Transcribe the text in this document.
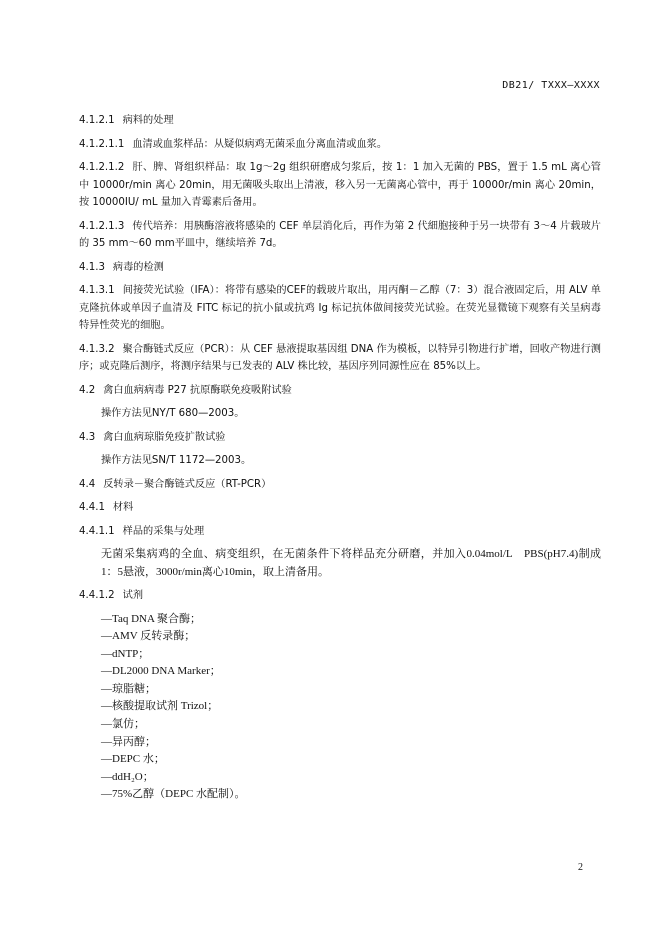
DB21/ TXXX—XXXX

4.1.2.1 病料的处理

4.1.2.1.1 血清或血浆样品：从疑似病鸡无菌采血分离血清或血浆。

4.1.2.1.2 肝、脾、肾组织样品：取 1g～2g 组织研磨成匀浆后，按 1：1 加入无菌的 PBS，置于 1.5 mL 离心管中 10000r/min 离心 20min，用无菌吸头取出上清液，移入另一无菌离心管中，再于 10000r/min 离心 20min，按 10000IU/ mL 量加入青霉素后备用。

4.1.2.1.3 传代培养：用胰酶溶液将感染的 CEF 单层消化后，再作为第 2 代細胞接种于另一块带有 3～4 片载玻片的 35 mm～60 mm平皿中，继续培养 7d。

4.1.3 病毒的检测

4.1.3.1 间接荧光试验（IFA）：将带有感染的CEF的载玻片取出，用丙酮－乙醇（7：3）混合液固定后，用 ALV 单克隆抗体或单因子血清及 FITC 标记的抗小鼠或抗鸡 Ig 标记抗体做间接荧光试验。在荧光显微镜下观察有关呈病毒特异性荧光的细胞。

4.1.3.2 聚合酶链式反应（PCR）：从 CEF 悬液提取基因组 DNA 作为模板，以特异引物进行扩增，回收产物进行测序；或克隆后测序，将测序结果与已发表的 ALV 株比较，基因序列同源性应在 85%以上。

4.2 禽白血病病毒 P27 抗原酶联免疫吸附试验

操作方法见NY/T 680—2003。

4.3 禽白血病琼脂免疫扩散试验

操作方法见SN/T 1172—2003。

4.4 反转录－聚合酶链式反应（RT-PCR）

4.4.1 材料

4.4.1.1 样品的采集与处理

无菌采集病鸡的全血、病变组织，在无菌条件下将样品充分研磨，并加入0.04mol/L　PBS(pH7.4)制成1：5悬液，3000r/min离心10min，取上清备用。

4.4.1.2 试剂

—Taq DNA 聚合酶；
—AMV 反转录酶；
—dNTP；
—DL2000 DNA Marker；
—琼脂糖；
—核酸提取试剂 Trizol；
—氯仿；
—异丙醇；
—DEPC 水；
—ddH₂O；
—75%乙醇（DEPC 水配制）。
2
